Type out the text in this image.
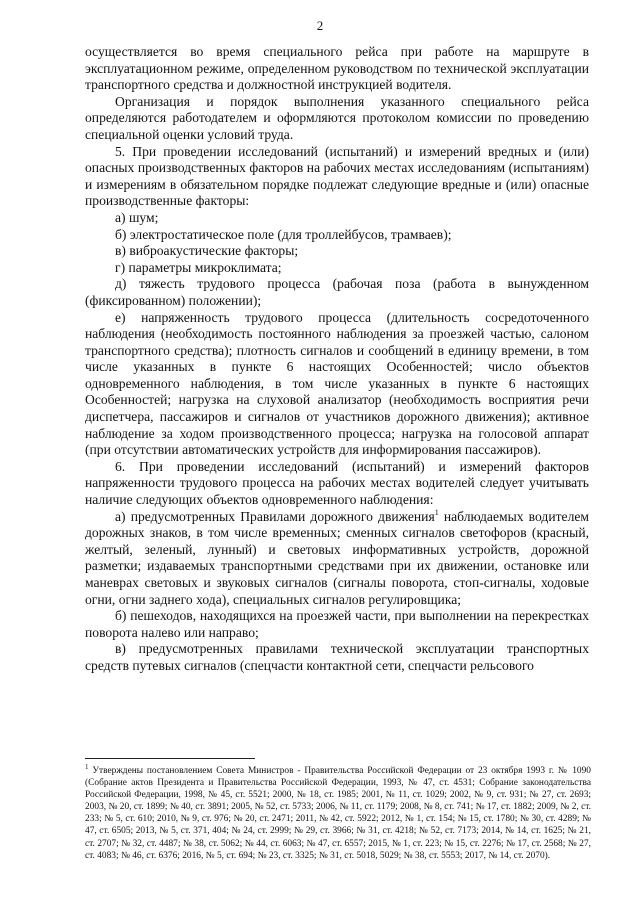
2

осуществляется во время специального рейса при работе на маршруте в эксплуатационном режиме, определенном руководством по технической эксплуатации транспортного средства и должностной инструкцией водителя.

Организация и порядок выполнения указанного специального рейса определяются работодателем и оформляются протоколом комиссии по проведению специальной оценки условий труда.

5. При проведении исследований (испытаний) и измерений вредных и (или) опасных производственных факторов на рабочих местах исследованиям (испытаниям) и измерениям в обязательном порядке подлежат следующие вредные и (или) опасные производственные факторы:

а) шум;

б) электростатическое поле (для троллейбусов, трамваев);

в) виброакустические факторы;

г) параметры микроклимата;

д) тяжесть трудового процесса (рабочая поза (работа в вынужденном (фиксированном) положении);

е) напряженность трудового процесса (длительность сосредоточенного наблюдения (необходимость постоянного наблюдения за проезжей частью, салоном транспортного средства); плотность сигналов и сообщений в единицу времени, в том числе указанных в пункте 6 настоящих Особенностей; число объектов одновременного наблюдения, в том числе указанных в пункте 6 настоящих Особенностей; нагрузка на слуховой анализатор (необходимость восприятия речи диспетчера, пассажиров и сигналов от участников дорожного движения); активное наблюдение за ходом производственного процесса; нагрузка на голосовой аппарат (при отсутствии автоматических устройств для информирования пассажиров).

6. При проведении исследований (испытаний) и измерений факторов напряженности трудового процесса на рабочих местах водителей следует учитывать наличие следующих объектов одновременного наблюдения:

а) предусмотренных Правилами дорожного движения$^1$ наблюдаемых водителем дорожных знаков, в том числе временных; сменных сигналов светофоров (красный, желтый, зеленый, лунный) и световых информативных устройств, дорожной разметки; издаваемых транспортными средствами при их движении, остановке или маневрах световых и звуковых сигналов (сигналы поворота, стоп-сигналы, ходовые огни, огни заднего хода), специальных сигналов регулировщика;

б) пешеходов, находящихся на проезжей части, при выполнении на перекрестках поворота налево или направо;

в) предусмотренных правилами технической эксплуатации транспортных средств путевых сигналов (спецчасти контактной сети, спецчасти рельсового

$^1$ Утверждены постановлением Совета Министров - Правительства Российской Федерации от 23 октября 1993 г. № 1090 (Собрание актов Президента и Правительства Российской Федерации, 1993, № 47, ст. 4531; Собрание законодательства Российской Федерации, 1998, № 45, ст. 5521; 2000, № 18, ст. 1985; 2001, № 11, ст. 1029; 2002, № 9, ст. 931; № 27, ст. 2693; 2003, № 20, ст. 1899; № 40, ст. 3891; 2005, № 52, ст. 5733; 2006, № 11, ст. 1179; 2008, № 8, ст. 741; № 17, ст. 1882; 2009, № 2, ст. 233; № 5, ст. 610; 2010, № 9, ст. 976; № 20, ст. 2471; 2011, № 42, ст. 5922; 2012, № 1, ст. 154; № 15, ст. 1780; № 30, ст. 4289; № 47, ст. 6505; 2013, № 5, ст. 371, 404; № 24, ст. 2999; № 29, ст. 3966; № 31, ст. 4218; № 52, ст. 7173; 2014, № 14, ст. 1625; № 21, ст. 2707; № 32, ст. 4487; № 38, ст. 5062; № 44, ст. 6063; № 47, ст. 6557; 2015, № 1, ст. 223; № 15, ст. 2276; № 17, ст. 2568; № 27, ст. 4083; № 46, ст. 6376; 2016, № 5, ст. 694; № 23, ст. 3325; № 31, ст. 5018, 5029; № 38, ст. 5553; 2017, № 14, ст. 2070).
